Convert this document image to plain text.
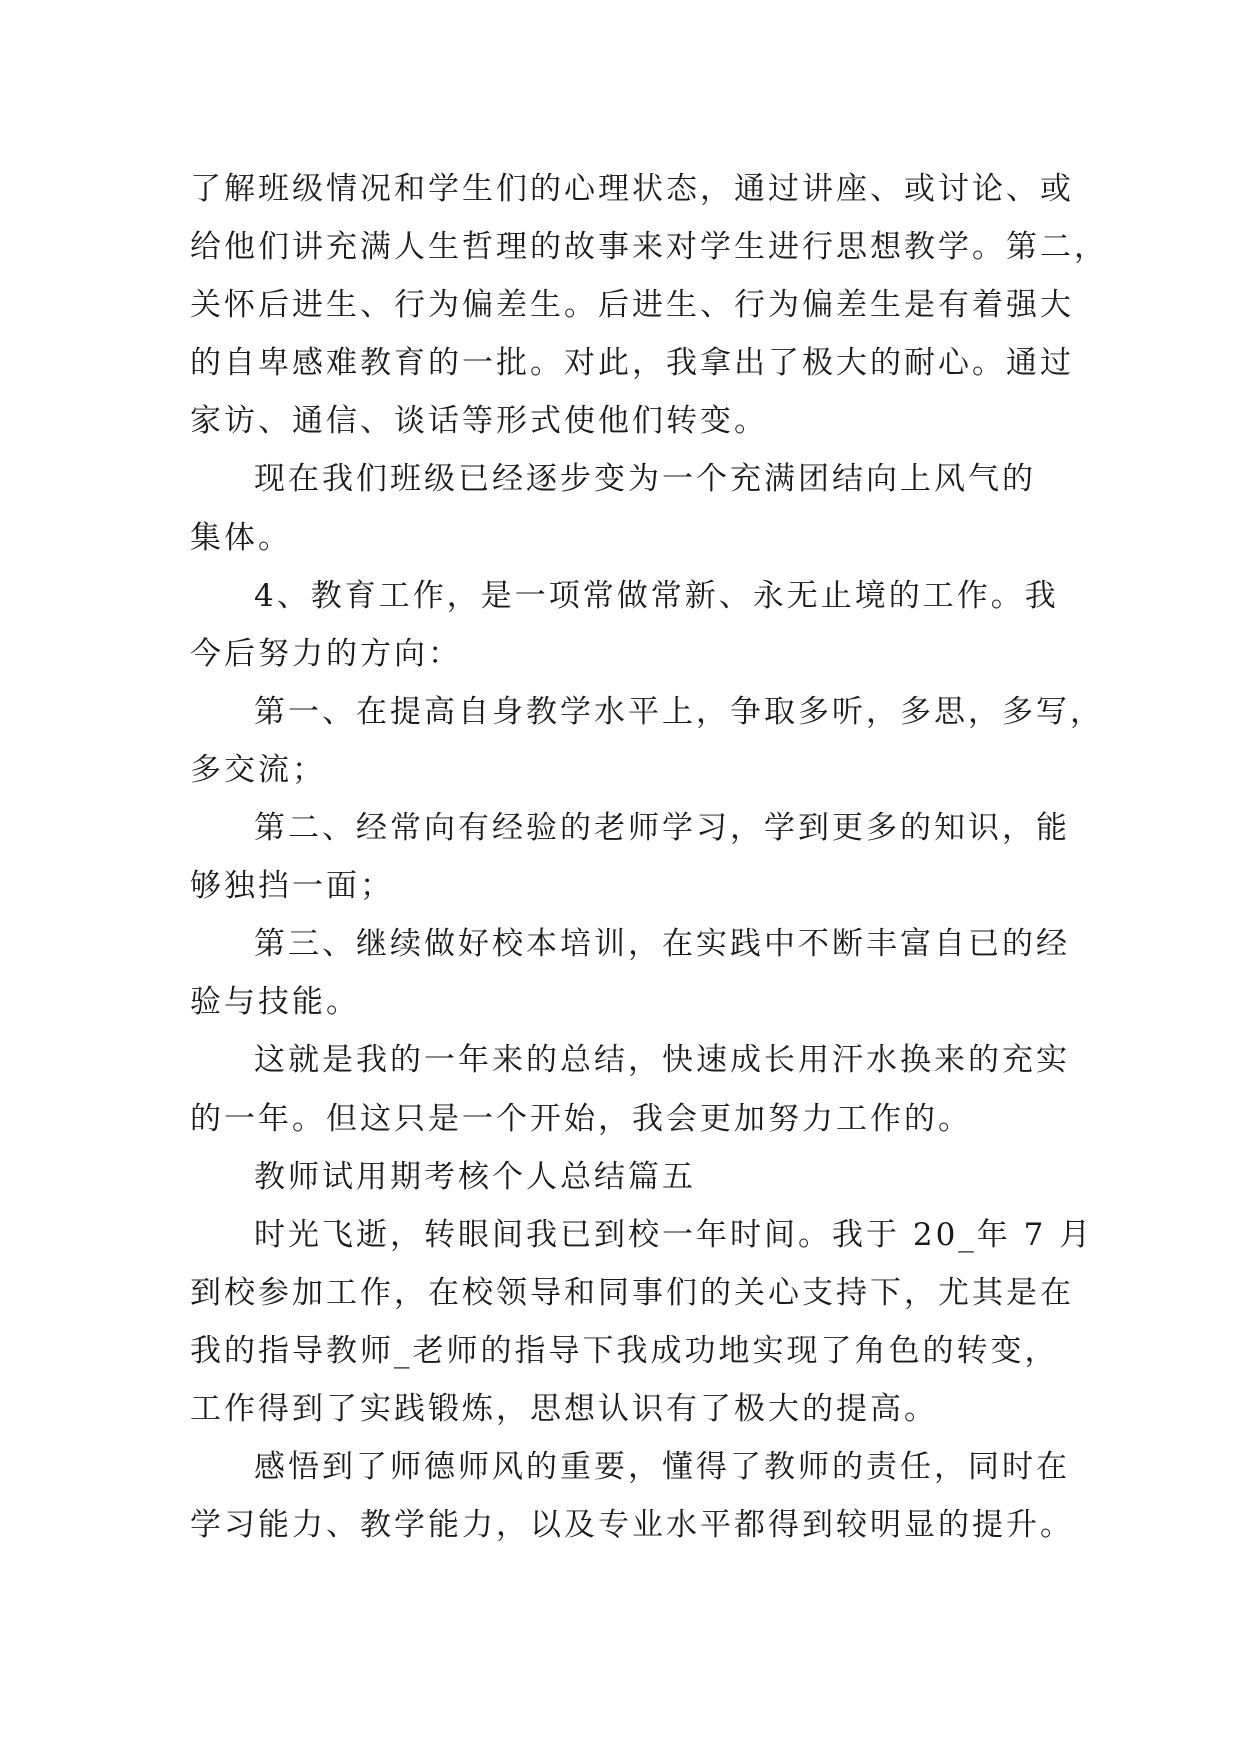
了解班级情况和学生们的心理状态，通过讲座、或讨论、或
给他们讲充满人生哲理的故事来对学生进行思想教学。第二，
关怀后进生、行为偏差生。后进生、行为偏差生是有着强大
的自卑感难教育的一批。对此，我拿出了极大的耐心。通过
家访、通信、谈话等形式使他们转变。
现在我们班级已经逐步变为一个充满团结向上风气的
集体。
4、教育工作，是一项常做常新、永无止境的工作。我
今后努力的方向：
第一、在提高自身教学水平上，争取多听，多思，多写，
多交流；
第二、经常向有经验的老师学习，学到更多的知识，能
够独挡一面；
第三、继续做好校本培训，在实践中不断丰富自已的经
验与技能。
这就是我的一年来的总结，快速成长用汗水换来的充实
的一年。但这只是一个开始，我会更加努力工作的。
教师试用期考核个人总结篇五
时光飞逝，转眼间我已到校一年时间。我于 20_年 7 月
到校参加工作，在校领导和同事们的关心支持下，尤其是在
我的指导教师_老师的指导下我成功地实现了角色的转变，
工作得到了实践锻炼，思想认识有了极大的提高。
感悟到了师德师风的重要，懂得了教师的责任，同时在
学习能力、教学能力，以及专业水平都得到较明显的提升。
